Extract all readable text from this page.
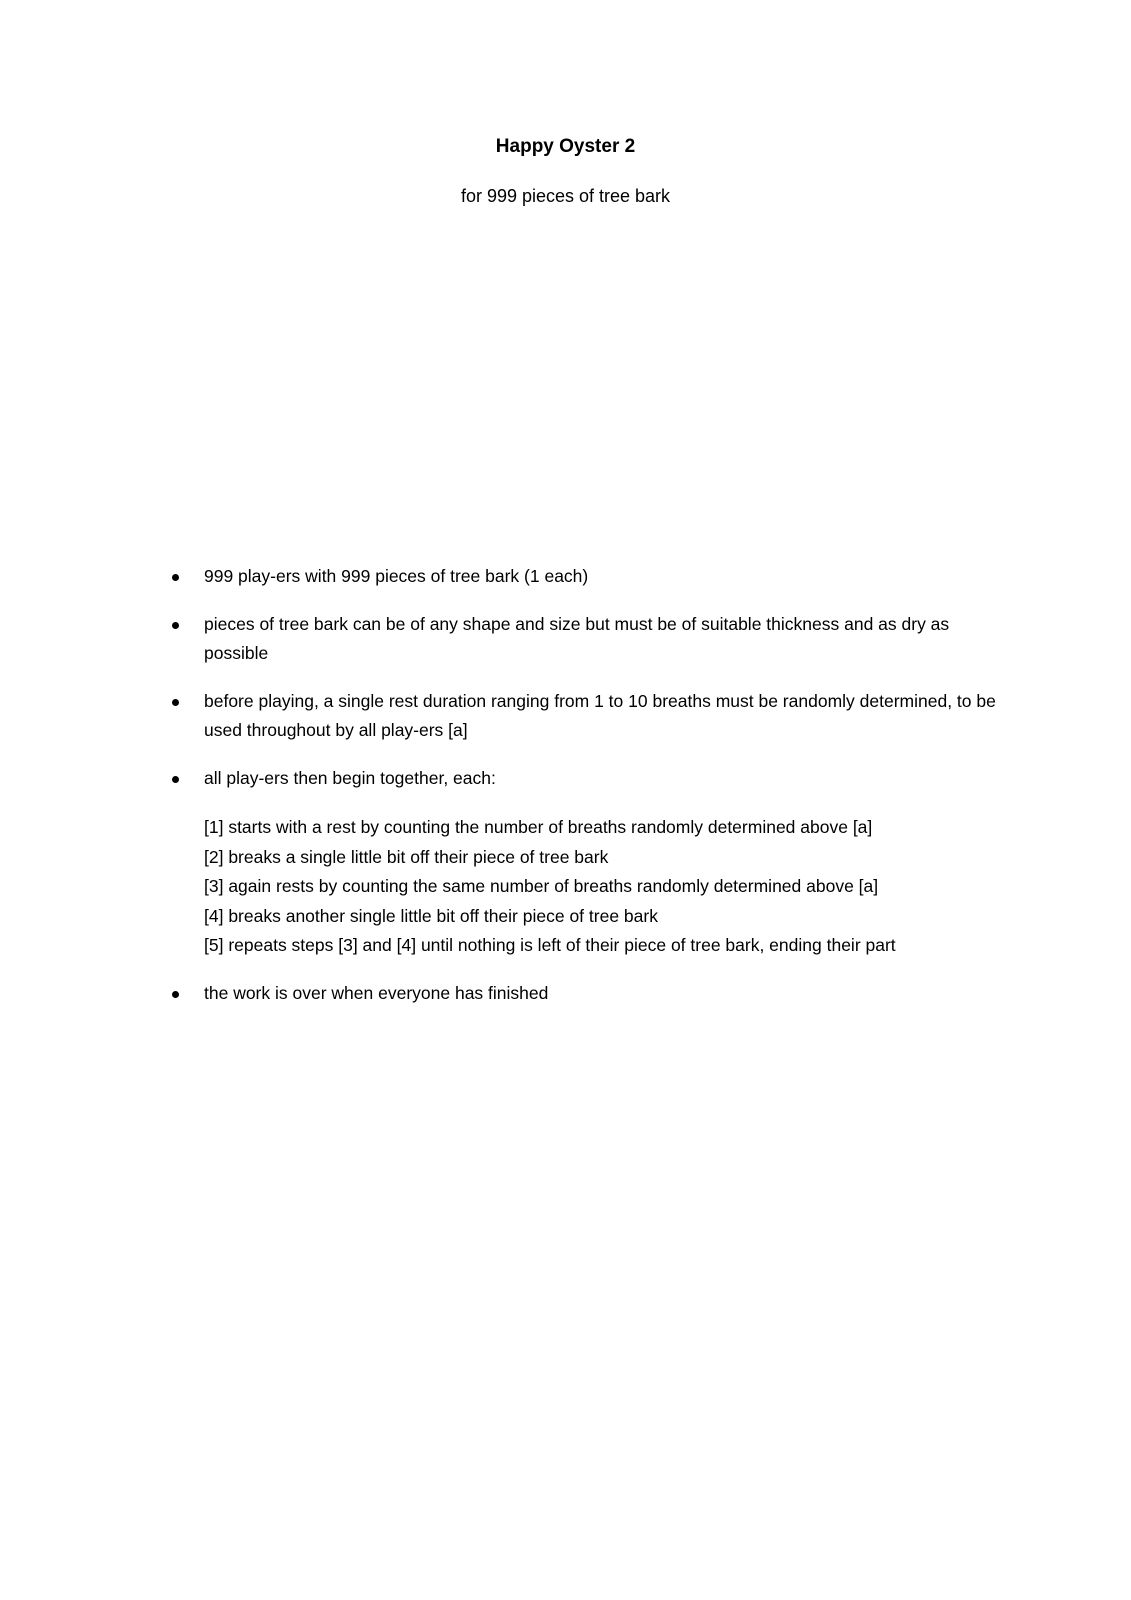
Happy Oyster 2
for 999 pieces of tree bark
999 play-ers with 999 pieces of tree bark (1 each)
pieces of tree bark can be of any shape and size but must be of suitable thickness and as dry as possible
before playing, a single rest duration ranging from 1 to 10 breaths must be randomly determined, to be used throughout by all play-ers [a]
all play-ers then begin together, each:
[1] starts with a rest by counting the number of breaths randomly determined above [a]
[2] breaks a single little bit off their piece of tree bark
[3] again rests by counting the same number of breaths randomly determined above [a]
[4] breaks another single little bit off their piece of tree bark
[5] repeats steps [3] and [4] until nothing is left of their piece of tree bark, ending their part
the work is over when everyone has finished
